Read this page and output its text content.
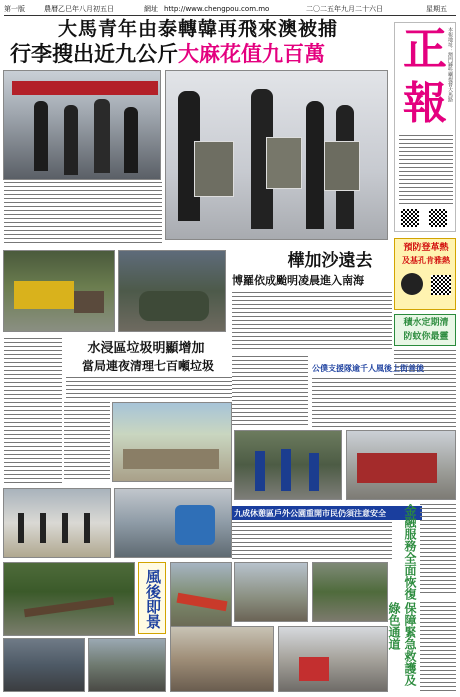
第一版	農曆乙巳年八月初五日	網址 http://www.chengpou.com.mo	二〇二五年九月二十六日	星期五
大馬青年由泰轉韓再飛來澳被捕
行李搜出近九公斤大麻花值九百萬	正
報
本報地址：澳門罅些喇提督大馬路
預防登革熱
及基孔肯雅熱
積水定期清
防蚊你最靈
樺加沙遠去
博羅依成颱明凌晨進入南海
水浸區垃圾明顯增加
當局連夜清理七百噸垃圾	公僕支援隊逾千人風後上街善後
九成休憩區戶外公園重開市民仍須注意安全
風後即景	金融服務全面恢復
保障緊急救護及綠色通道
